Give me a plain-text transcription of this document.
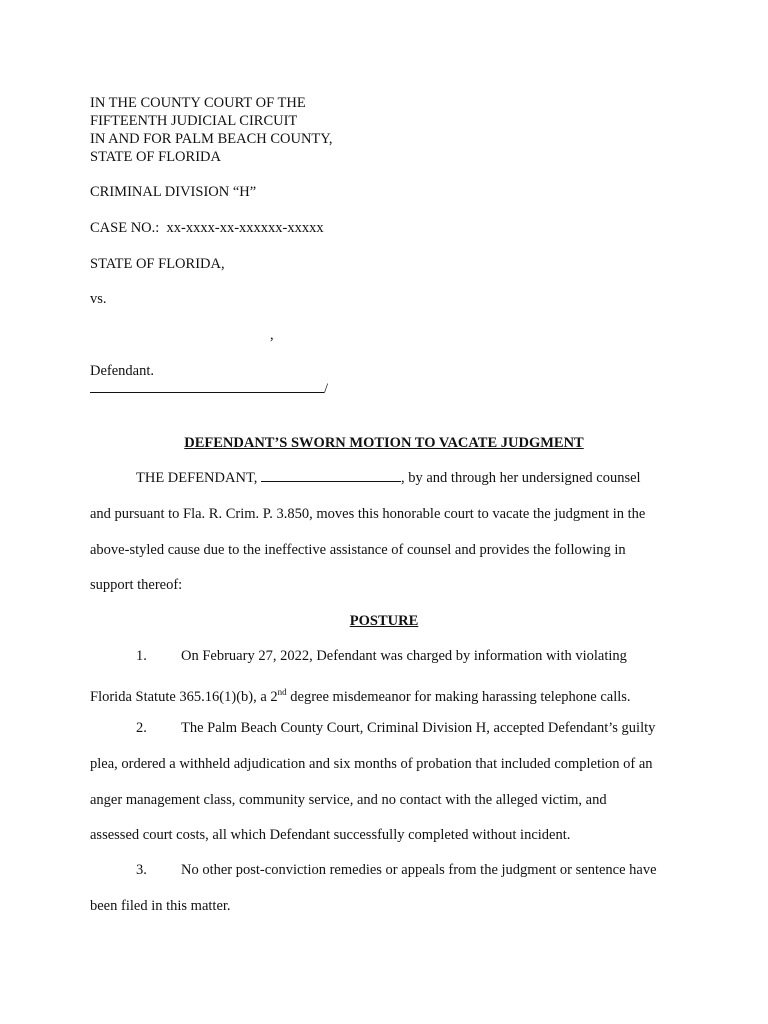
IN THE COUNTY COURT OF THE
FIFTEENTH JUDICIAL CIRCUIT
IN AND FOR PALM BEACH COUNTY,
STATE OF FLORIDA
CRIMINAL DIVISION “H”
CASE NO.: xx-xxxx-xx-xxxxxx-xxxxx
STATE OF FLORIDA,
vs.
,
Defendant.
/
DEFENDANT’S SWORN MOTION TO VACATE JUDGMENT
THE DEFENDANT,	, by and through her undersigned counsel
and pursuant to Fla. R. Crim. P. 3.850, moves this honorable court to vacate the judgment in the
above-styled cause due to the ineffective assistance of counsel and provides the following in
support thereof:
POSTURE
1. On February 27, 2022, Defendant was charged by information with violating
Florida Statute 365.16(1)(b), a 2nd degree misdemeanor for making harassing telephone calls.
2. The Palm Beach County Court, Criminal Division H, accepted Defendant’s guilty
plea, ordered a withheld adjudication and six months of probation that included completion of an
anger management class, community service, and no contact with the alleged victim, and
assessed court costs, all which Defendant successfully completed without incident.
3. No other post-conviction remedies or appeals from the judgment or sentence have
been filed in this matter.
